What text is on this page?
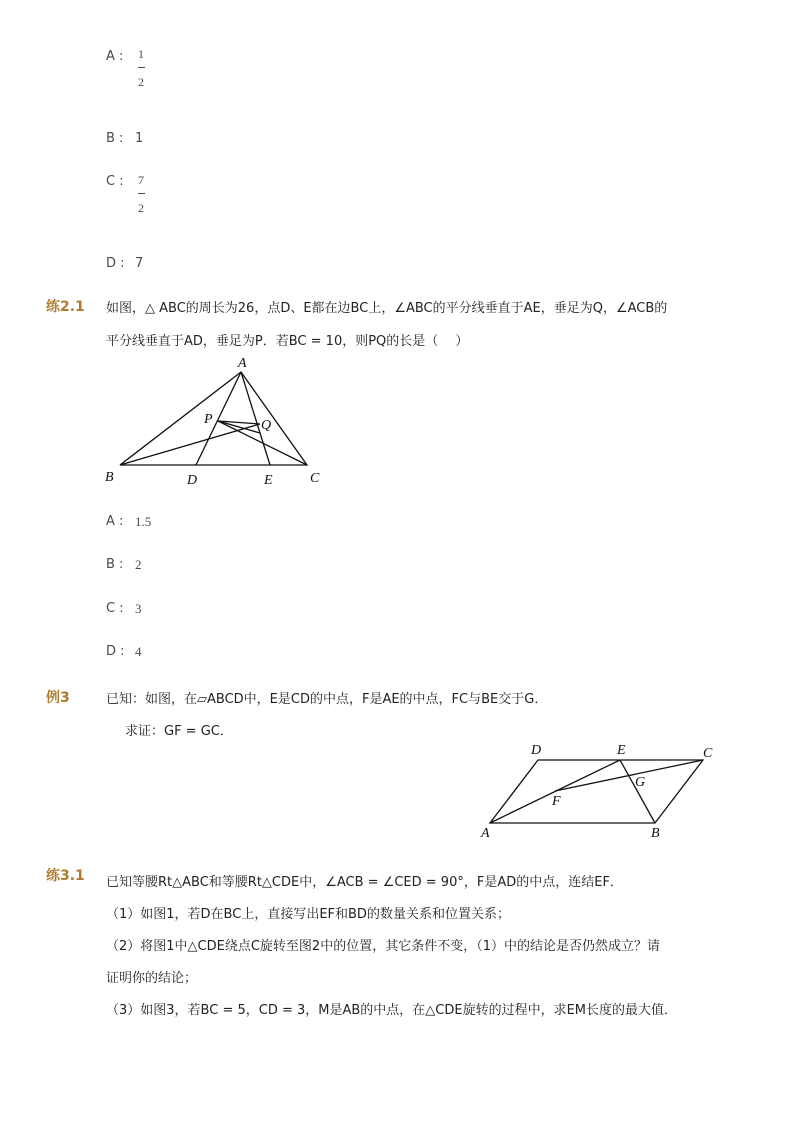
A :	1
2
B : 1
C :	7
2
D : 7
练2.1 如图，△ ABC的周长为26，点D、E都在边BC上，∠ABC的平分线垂直于AE，垂足为Q，∠ACB的
平分线垂直于AD，垂足为P．若BC = 10，则PQ的长是（　 ）
A
B	C
D	E
P	Q
A : 1.5
B : 2
C : 3
D : 4
例3	已知：如图，在▱ABCD中，E是CD的中点，F是AE的中点，FC与BE交于G．
求证：GF = GC．
D	E	C
F
G
A	B
练3.1 已知等腰Rt△ABC和等腰Rt△CDE中，∠ACB = ∠CED = 90°，F是AD的中点，连结EF．
（1）如图1，若D在BC上，直接写出EF和BD的数量关系和位置关系；
（2）将图1中△CDE绕点C旋转至图2中的位置，其它条件不变，（1）中的结论是否仍然成立？请
证明你的结论；
（3）如图3，若BC = 5，CD = 3，M是AB的中点，在△CDE旋转的过程中，求EM长度的最大值．
